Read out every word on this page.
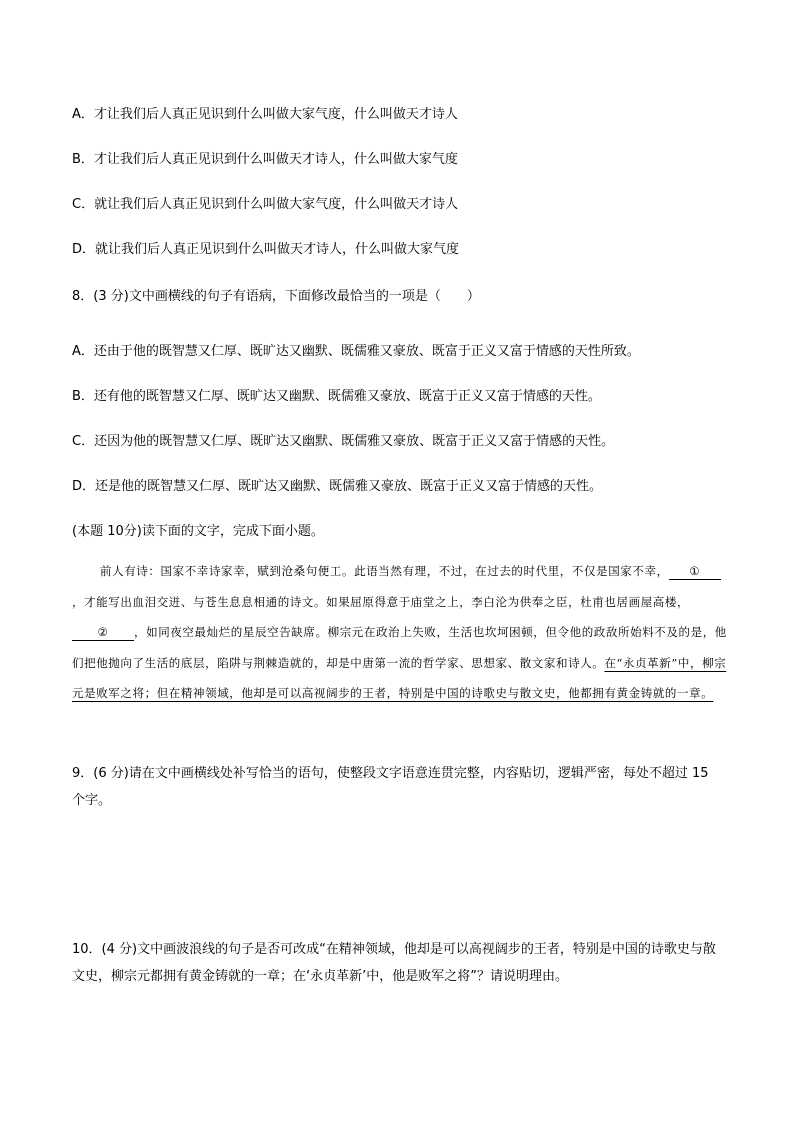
A．才让我们后人真正见识到什么叫做大家气度，什么叫做天才诗人
B．才让我们后人真正见识到什么叫做天才诗人，什么叫做大家气度
C．就让我们后人真正见识到什么叫做大家气度，什么叫做天才诗人
D．就让我们后人真正见识到什么叫做天才诗人，什么叫做大家气度
8．(3 分)文中画横线的句子有语病，下面修改最恰当的一项是（　　）
A．还由于他的既智慧又仁厚、既旷达又幽默、既儒雅又豪放、既富于正义又富于情感的天性所致。
B．还有他的既智慧又仁厚、既旷达又幽默、既儒雅又豪放、既富于正义又富于情感的天性。
C．还因为他的既智慧又仁厚、既旷达又幽默、既儒雅又豪放、既富于正义又富于情感的天性。
D．还是他的既智慧又仁厚、既旷达又幽默、既儒雅又豪放、既富于正义又富于情感的天性。
(本题 10分)读下面的文字，完成下面小题。
前人有诗：国家不幸诗家幸，赋到沧桑句便工。此语当然有理，不过，在过去的时代里，不仅是国家不幸， ①，才能写出血泪交迸、与苍生息息相通的诗文。如果屈原得意于庙堂之上，李白沦为供奉之臣，杜甫也居画屋高楼，② ，如同夜空最灿烂的星辰空告缺席。柳宗元在政治上失败，生活也坎坷困顿，但令他的政敌所始料不及的是，他们把他抛向了生活的底层，陷阱与荆棘造就的，却是中唐第一流的哲学家、思想家、散文家和诗人。在“永贞革新”中，柳宗元是败军之将；但在精神领域，他却是可以高视阔步的王者，特别是中国的诗歌史与散文史，他都拥有黄金铸就的一章。
9．(6 分)请在文中画横线处补写恰当的语句，使整段文字语意连贯完整，内容贴切，逻辑严密，每处不超过 15 个字。
10．(4 分)文中画波浪线的句子是否可改成“在精神领域，他却是可以高视阔步的王者，特别是中国的诗歌史与散文史，柳宗元都拥有黄金铸就的一章；在‘永贞革新’中，他是败军之将”？请说明理由。
